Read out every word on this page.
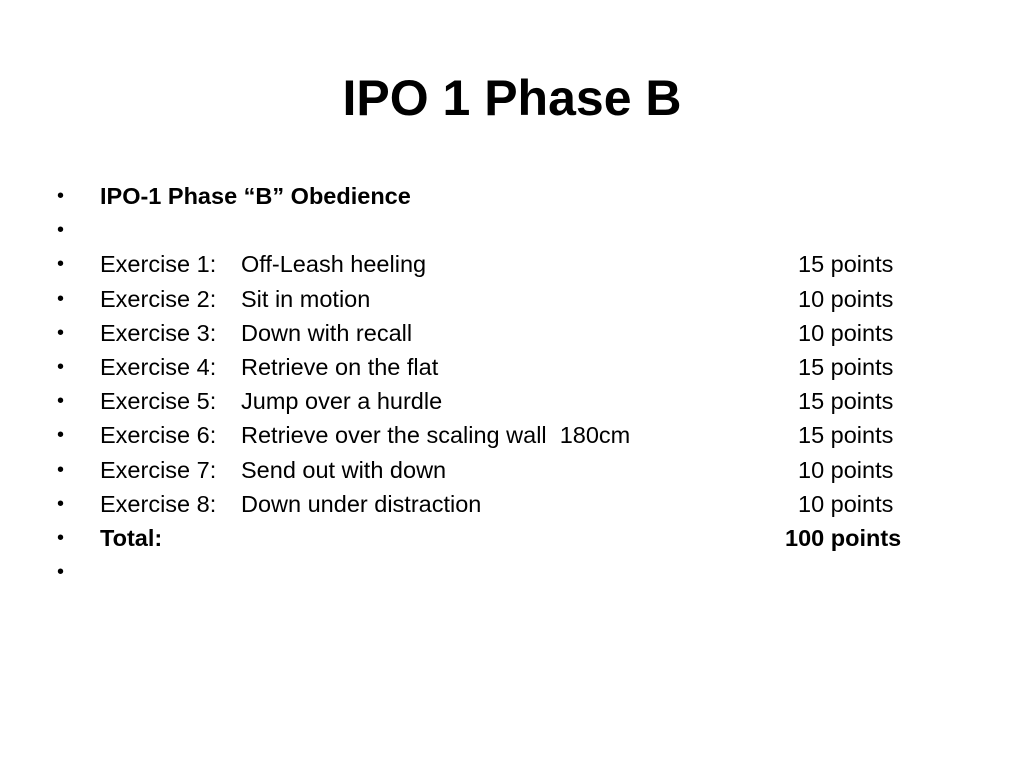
IPO 1 Phase B
•	IPO-1 Phase “B” Obedience
•
•	Exercise 1: Off-Leash heeling	15 points
•	Exercise 2: Sit in motion	10 points
•	Exercise 3: Down with recall	10 points
•	Exercise 4: Retrieve on the flat	15 points
•	Exercise 5: Jump over a hurdle	15 points
•	Exercise 6: Retrieve over the scaling wall  180cm	15 points
•	Exercise 7: Send out with down	10 points
•	Exercise 8: Down under distraction	10 points
•	Total:	100 points
•
